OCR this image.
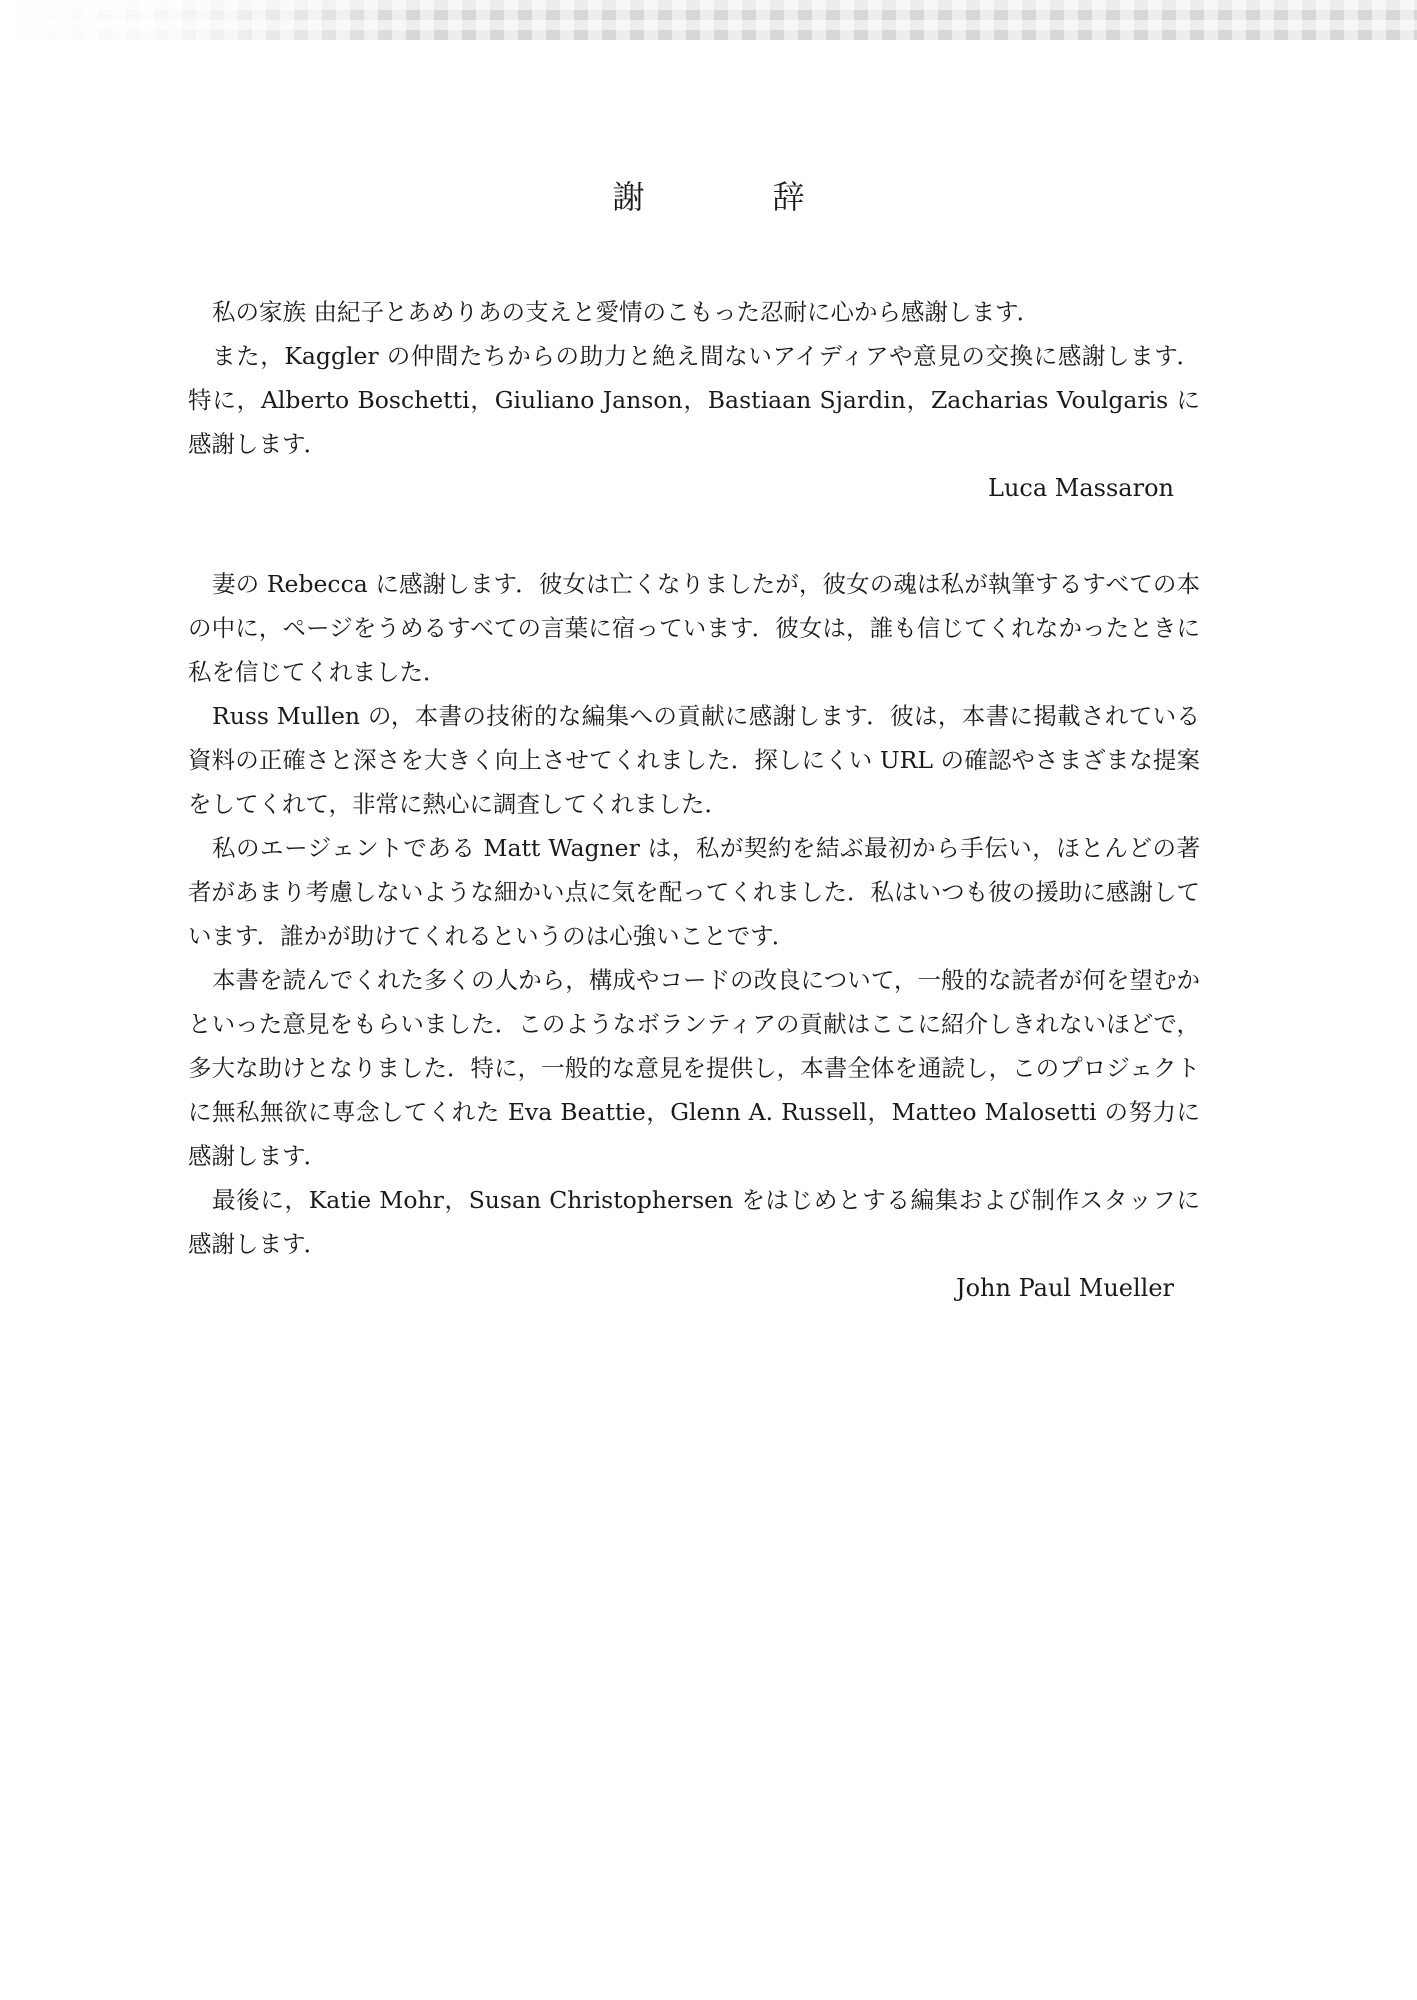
謝　辞

私の家族 由紀子とあめりあの支えと愛情のこもった忍耐に心から感謝します．

また，Kaggler の仲間たちからの助力と絶え間ないアイディアや意見の交換に感謝します．特に，Alberto Boschetti，Giuliano Janson，Bastiaan Sjardin，Zacharias Voulgaris に感謝します．

Luca Massaron

妻の Rebecca に感謝します．彼女は亡くなりましたが，彼女の魂は私が執筆するすべての本の中に，ページをうめるすべての言葉に宿っています．彼女は，誰も信じてくれなかったときに私を信じてくれました．

Russ Mullen の，本書の技術的な編集への貢献に感謝します．彼は，本書に掲載されている資料の正確さと深さを大きく向上させてくれました．探しにくい URL の確認やさまざまな提案をしてくれて，非常に熱心に調査してくれました．

私のエージェントである Matt Wagner は，私が契約を結ぶ最初から手伝い，ほとんどの著者があまり考慮しないような細かい点に気を配ってくれました．私はいつも彼の援助に感謝しています．誰かが助けてくれるというのは心強いことです．

本書を読んでくれた多くの人から，構成やコードの改良について，一般的な読者が何を望むかといった意見をもらいました．このようなボランティアの貢献はここに紹介しきれないほどで，多大な助けとなりました．特に，一般的な意見を提供し，本書全体を通読し，このプロジェクトに無私無欲に専念してくれた Eva Beattie，Glenn A. Russell，Matteo Malosetti の努力に感謝します．

最後に，Katie Mohr，Susan Christophersen をはじめとする編集および制作スタッフに感謝します．

John Paul Mueller
